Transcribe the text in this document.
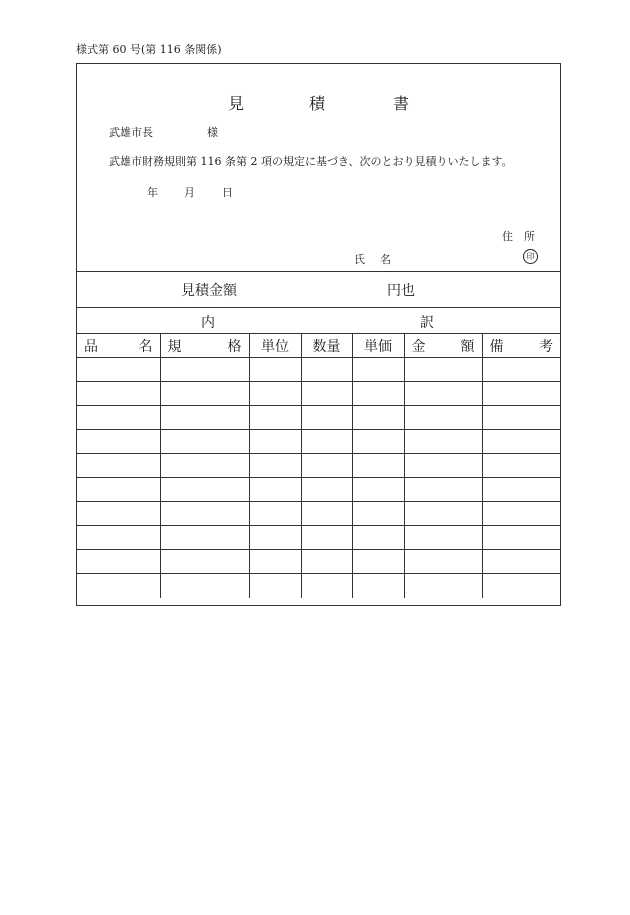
様式第 60 号(第 116 条関係)
見	積	書
武雄市長	様
武雄市財務規則第 116 条第 2 項の規定に基づき、次のとおり見積りいたします。
年 月 日
住 所
氏 名	印
見積金額	円也
内	訳
品 名	規 格	単位	数量	単価	金 額	備 考
